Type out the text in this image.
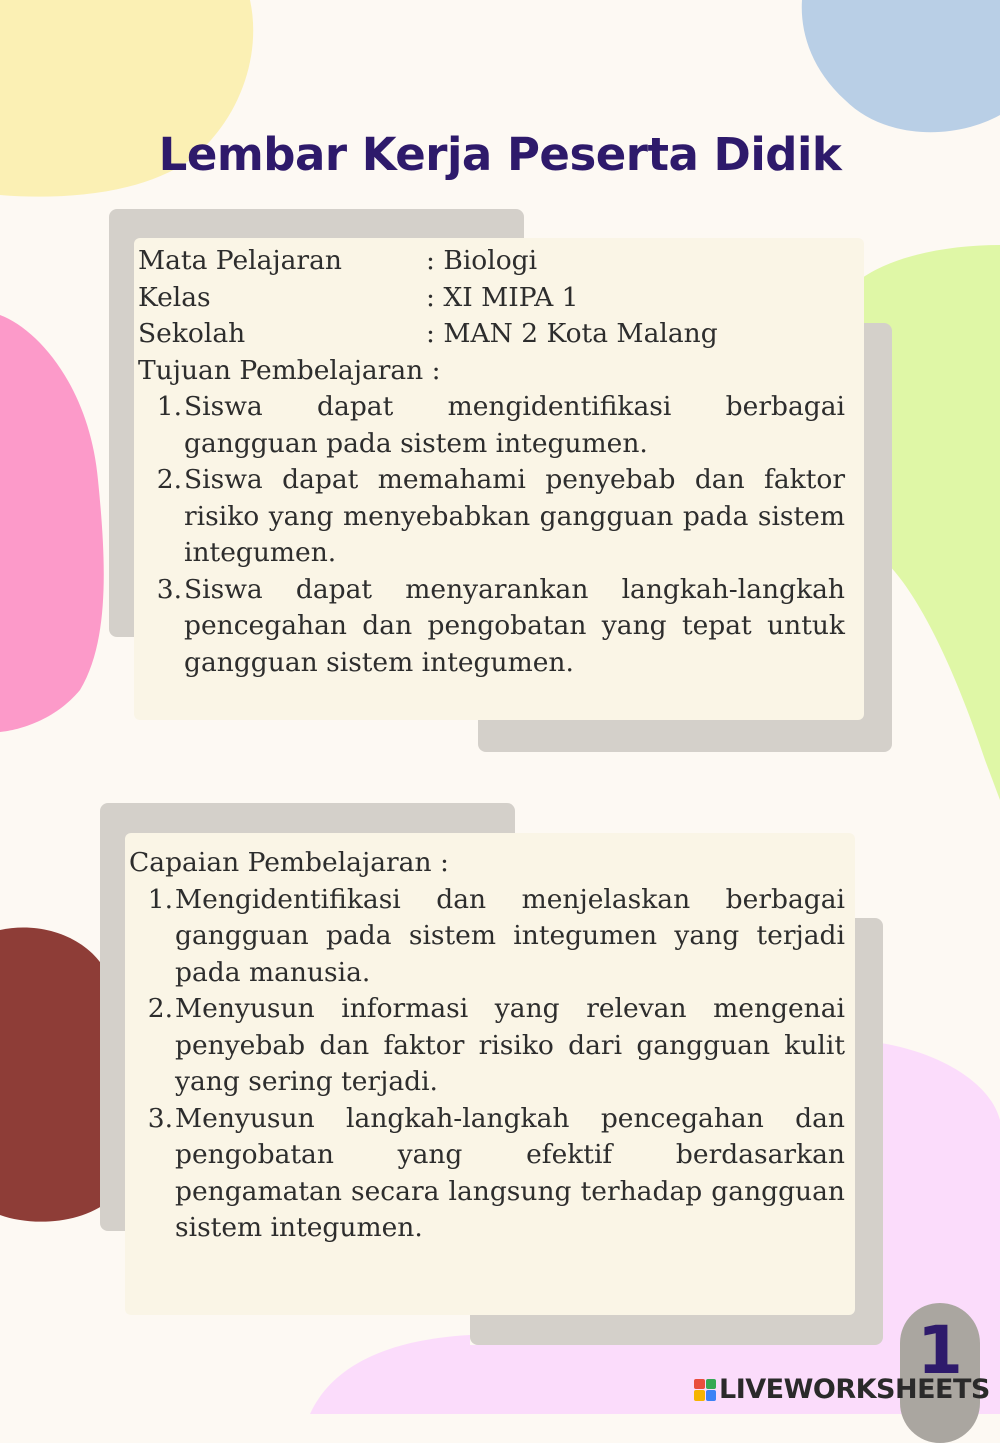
Lembar Kerja Peserta Didik
Mata Pelajaran	: Biologi
Kelas	: XI MIPA 1
Sekolah	: MAN 2 Kota Malang
Tujuan Pembelajaran :
1. Siswa dapat mengidentifikasi berbagai gangguan pada sistem integumen.
2. Siswa dapat memahami penyebab dan faktor risiko yang menyebabkan gangguan pada sistem integumen.
3. Siswa dapat menyarankan langkah-langkah pencegahan dan pengobatan yang tepat untuk gangguan sistem integumen.
Capaian Pembelajaran :
1. Mengidentifikasi dan menjelaskan berbagai gangguan pada sistem integumen yang terjadi pada manusia.
2. Menyusun informasi yang relevan mengenai penyebab dan faktor risiko dari gangguan kulit yang sering terjadi.
3. Menyusun langkah-langkah pencegahan dan pengobatan yang efektif berdasarkan pengamatan secara langsung terhadap gangguan sistem integumen.
1
LIVEWORKSHEETS
